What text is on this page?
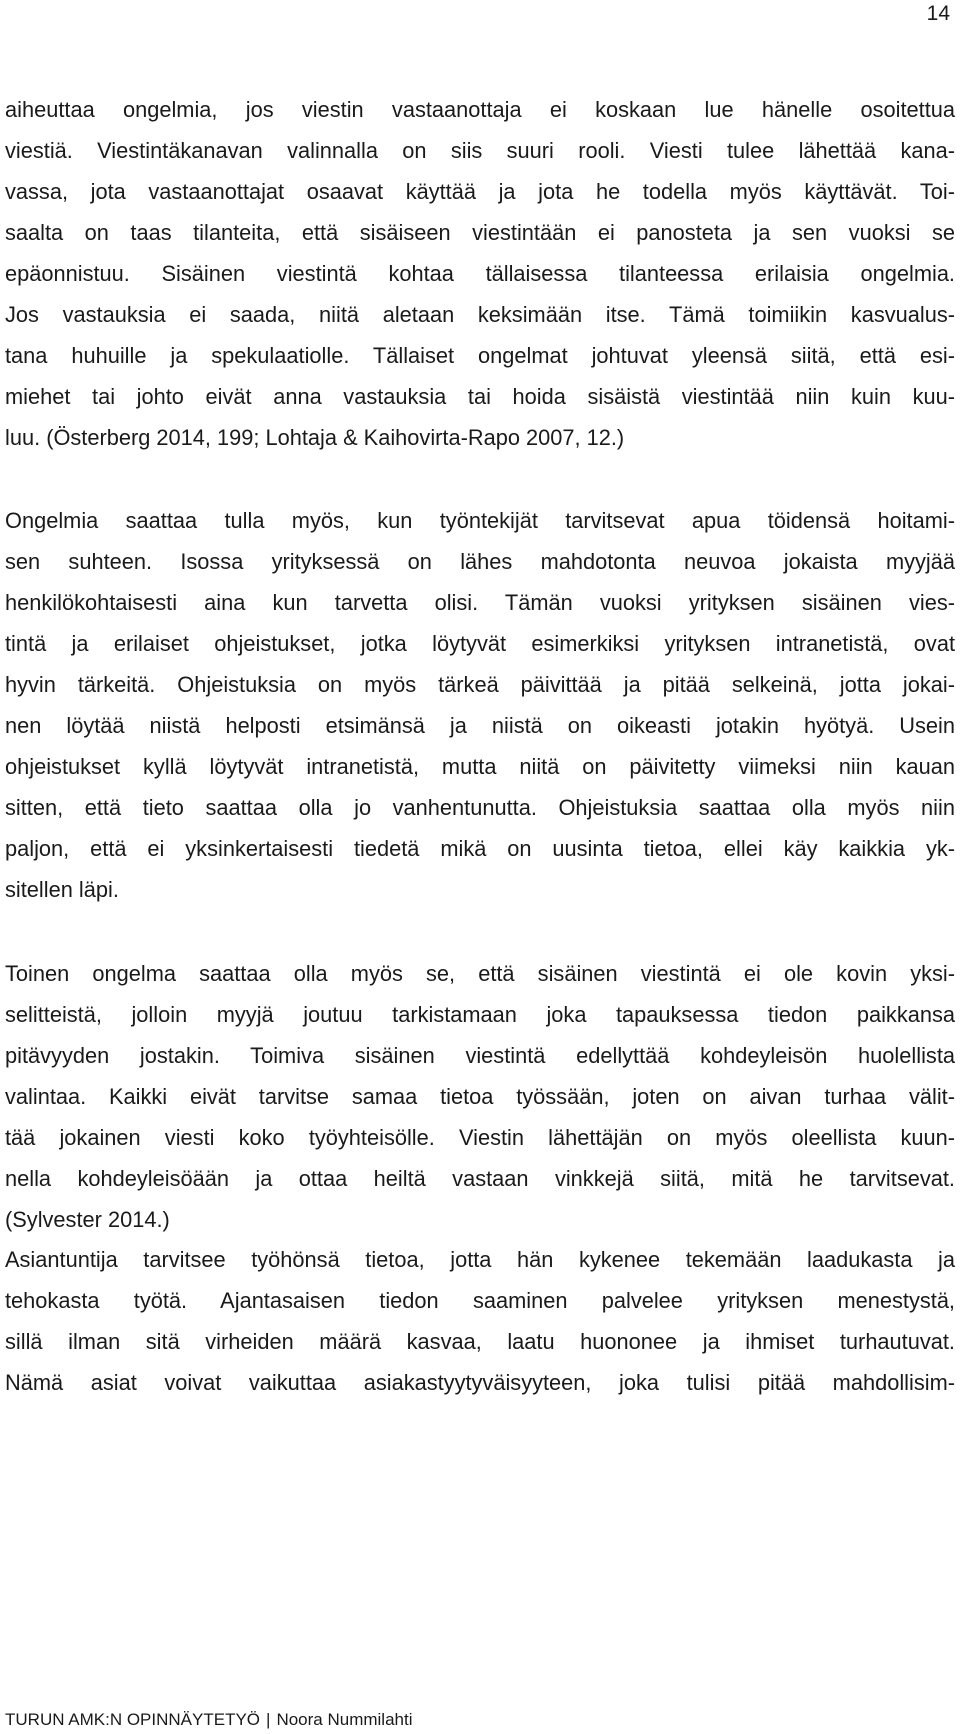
14
aiheuttaa ongelmia, jos viestin vastaanottaja ei koskaan lue hänelle osoitettua
viestiä. Viestintäkanavan valinnalla on siis suuri rooli. Viesti tulee lähettää kana-
vassa, jota vastaanottajat osaavat käyttää ja jota he todella myös käyttävät. Toi-
saalta on taas tilanteita, että sisäiseen viestintään ei panosteta ja sen vuoksi se
epäonnistuu. Sisäinen viestintä kohtaa tällaisessa tilanteessa erilaisia ongelmia.
Jos vastauksia ei saada, niitä aletaan keksimään itse. Tämä toimiikin kasvualus-
tana huhuille ja spekulaatiolle. Tällaiset ongelmat johtuvat yleensä siitä, että esi-
miehet tai johto eivät anna vastauksia tai hoida sisäistä viestintää niin kuin kuu-
luu. (Österberg 2014, 199; Lohtaja & Kaihovirta-Rapo 2007, 12.)
Ongelmia saattaa tulla myös, kun työntekijät tarvitsevat apua töidensä hoitami-
sen suhteen. Isossa yrityksessä on lähes mahdotonta neuvoa jokaista myyjää
henkilökohtaisesti aina kun tarvetta olisi. Tämän vuoksi yrityksen sisäinen vies-
tintä ja erilaiset ohjeistukset, jotka löytyvät esimerkiksi yrityksen intranetistä, ovat
hyvin tärkeitä. Ohjeistuksia on myös tärkeä päivittää ja pitää selkeinä, jotta jokai-
nen löytää niistä helposti etsimänsä ja niistä on oikeasti jotakin hyötyä. Usein
ohjeistukset kyllä löytyvät intranetistä, mutta niitä on päivitetty viimeksi niin kauan
sitten, että tieto saattaa olla jo vanhentunutta. Ohjeistuksia saattaa olla myös niin
paljon, että ei yksinkertaisesti tiedetä mikä on uusinta tietoa, ellei käy kaikkia yk-
sitellen läpi.
Toinen ongelma saattaa olla myös se, että sisäinen viestintä ei ole kovin yksi-
selitteistä, jolloin myyjä joutuu tarkistamaan joka tapauksessa tiedon paikkansa
pitävyyden jostakin. Toimiva sisäinen viestintä edellyttää kohdeyleisön huolellista
valintaa. Kaikki eivät tarvitse samaa tietoa työssään, joten on aivan turhaa välit-
tää jokainen viesti koko työyhteisölle. Viestin lähettäjän on myös oleellista kuun-
nella kohdeyleisöään ja ottaa heiltä vastaan vinkkejä siitä, mitä he tarvitsevat.
(Sylvester 2014.)
Asiantuntija tarvitsee työhönsä tietoa, jotta hän kykenee tekemään laadukasta ja
tehokasta työtä. Ajantasaisen tiedon saaminen palvelee yrityksen menestystä,
sillä ilman sitä virheiden määrä kasvaa, laatu huononee ja ihmiset turhautuvat.
Nämä asiat voivat vaikuttaa asiakastyytyväisyyteen, joka tulisi pitää mahdollisim-
TURUN AMK:N OPINNÄYTETYÖ | Noora Nummilahti
